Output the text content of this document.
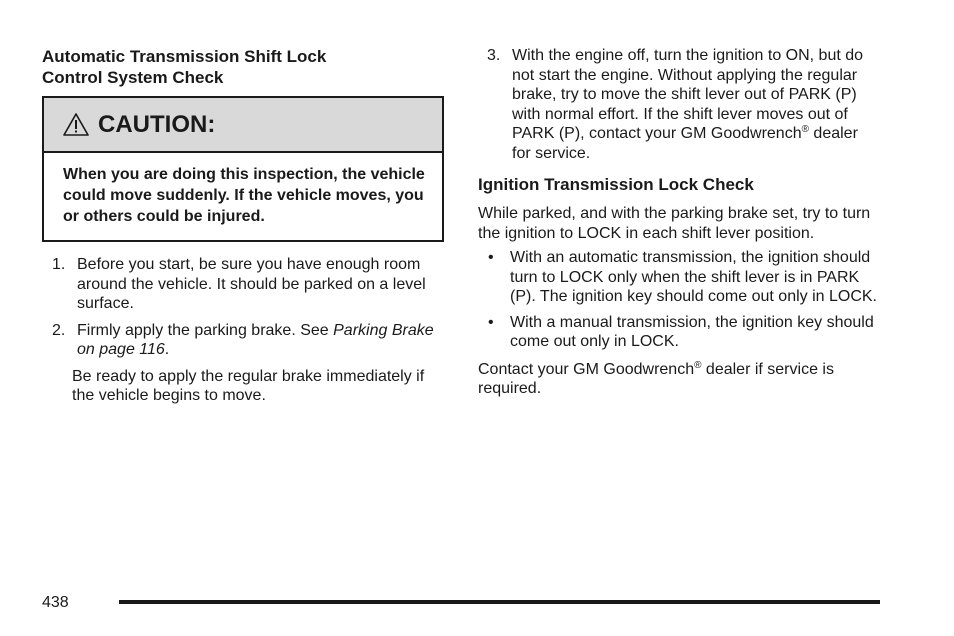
Automatic Transmission Shift Lock
Control System Check
CAUTION:
When you are doing this inspection, the vehicle could move suddenly. If the vehicle moves, you or others could be injured.
1. Before you start, be sure you have enough room around the vehicle. It should be parked on a level surface.
2. Firmly apply the parking brake. See Parking Brake on page 116.
Be ready to apply the regular brake immediately if the vehicle begins to move.
3. With the engine off, turn the ignition to ON, but do not start the engine. Without applying the regular brake, try to move the shift lever out of PARK (P) with normal effort. If the shift lever moves out of PARK (P), contact your GM Goodwrench® dealer for service.
Ignition Transmission Lock Check

While parked, and with the parking brake set, try to turn the ignition to LOCK in each shift lever position.

• With an automatic transmission, the ignition should turn to LOCK only when the shift lever is in PARK (P). The ignition key should come out only in LOCK.
• With a manual transmission, the ignition key should come out only in LOCK.

Contact your GM Goodwrench® dealer if service is required.

438
